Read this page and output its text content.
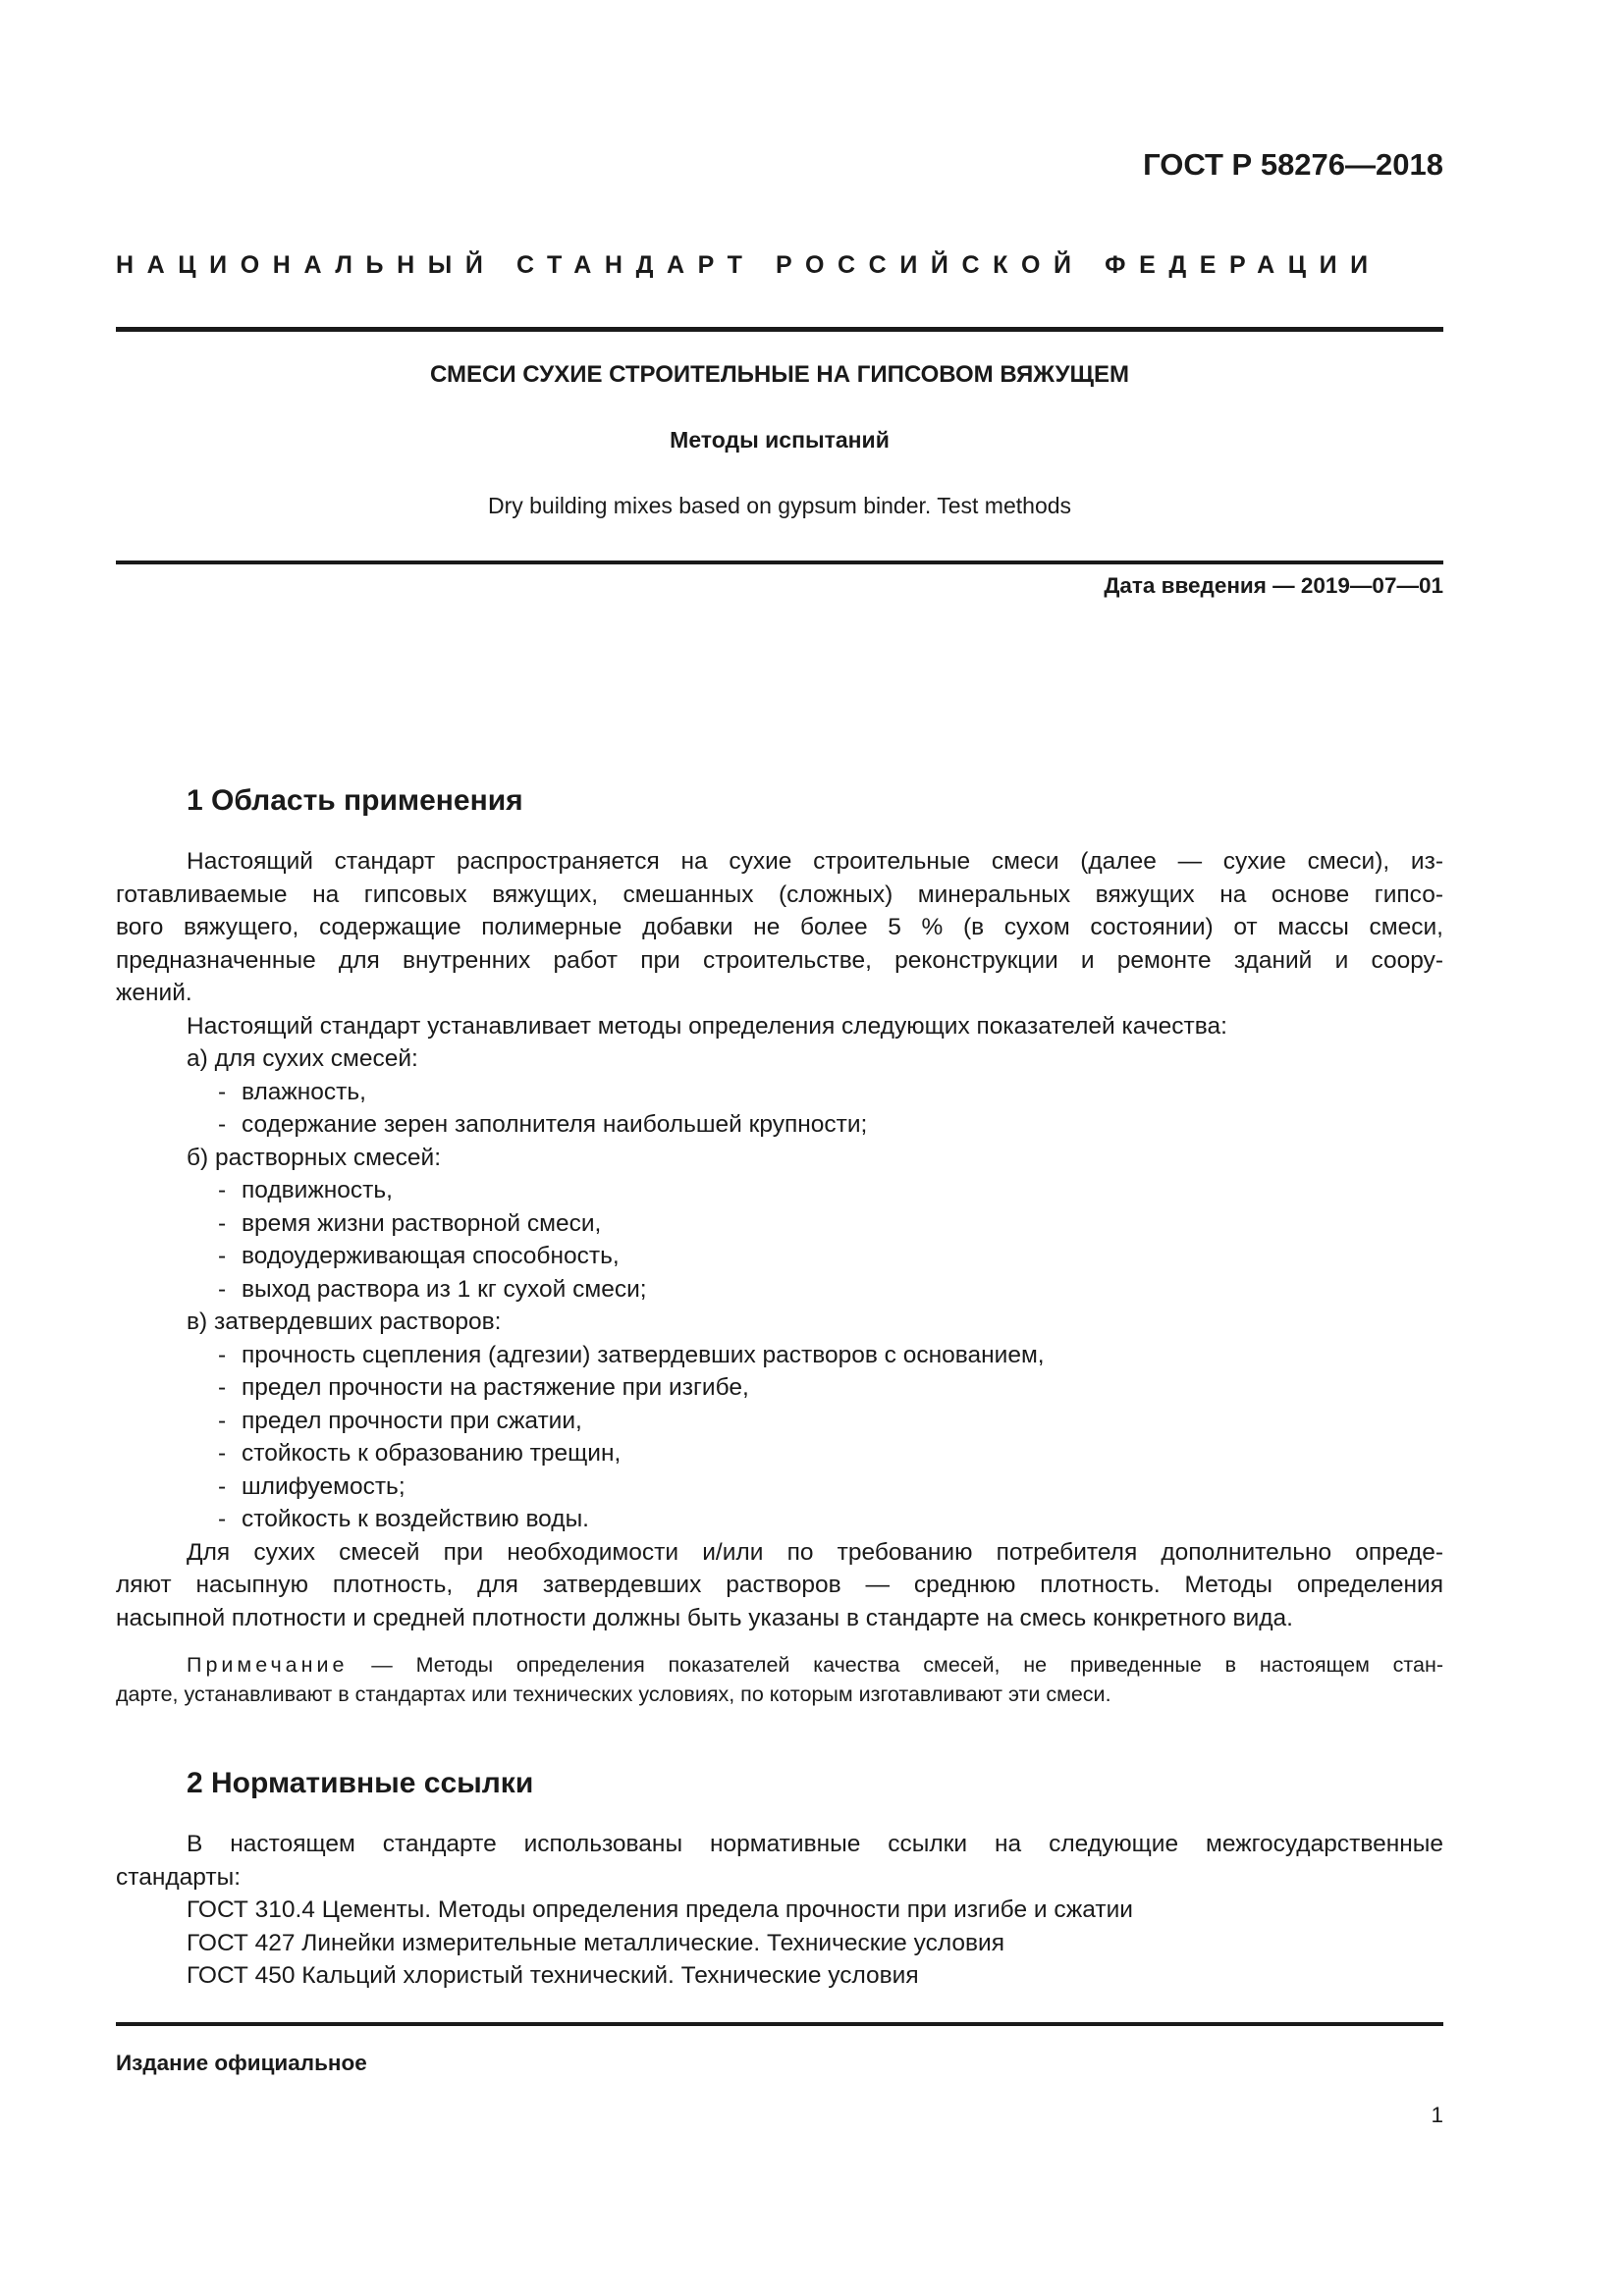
ГОСТ Р 58276—2018
НАЦИОНАЛЬНЫЙ СТАНДАРТ РОССИЙСКОЙ ФЕДЕРАЦИИ
СМЕСИ СУХИЕ СТРОИТЕЛЬНЫЕ НА ГИПСОВОМ ВЯЖУЩЕМ
Методы испытаний
Dry building mixes based on gypsum binder. Test methods
Дата введения — 2019—07—01
1 Область применения

Настоящий стандарт распространяется на сухие строительные смеси (далее — сухие смеси), из-

готавливаемые на гипсовых вяжущих, смешанных (сложных) минеральных вяжущих на основе гипсо-

вого вяжущего, содержащие полимерные добавки не более 5 % (в сухом состоянии) от массы смеси,

предназначенные для внутренних работ при строительстве, реконструкции и ремонте зданий и соору-

жений.

Настоящий стандарт устанавливает методы определения следующих показателей качества:

а) для сухих смесей:

- влажность,

- содержание зерен заполнителя наибольшей крупности;

б) растворных смесей:

- подвижность,

- время жизни растворной смеси,

- водоудерживающая способность,

- выход раствора из 1 кг сухой смеси;

в) затвердевших растворов:

- прочность сцепления (адгезии) затвердевших растворов с основанием,

- предел прочности на растяжение при изгибе,

- предел прочности при сжатии,

- стойкость к образованию трещин,

- шлифуемость;

- стойкость к воздействию воды.

Для сухих смесей при необходимости и/или по требованию потребителя дополнительно опреде-

ляют насыпную плотность, для затвердевших растворов — среднюю плотность. Методы определения

насыпной плотности и средней плотности должны быть указаны в стандарте на смесь конкретного вида.

Примечание — Методы определения показателей качества смесей, не приведенные в настоящем стан-

дарте, устанавливают в стандартах или технических условиях, по которым изготавливают эти смеси.

2 Нормативные ссылки

В настоящем стандарте использованы нормативные ссылки на следующие межгосударственные

стандарты:

ГОСТ 310.4 Цементы. Методы определения предела прочности при изгибе и сжатии

ГОСТ 427 Линейки измерительные металлические. Технические условия

ГОСТ 450 Кальций хлористый технический. Технические условия

Издание официальное
1
